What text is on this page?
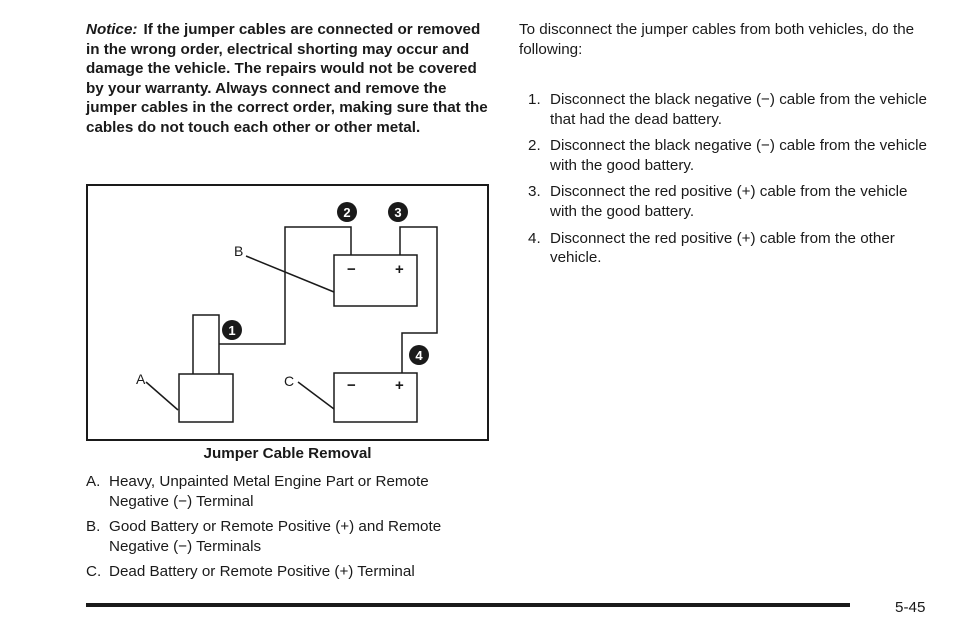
Notice: If the jumper cables are connected or removed in the wrong order, electrical shorting may occur and damage the vehicle. The repairs would not be covered by your warranty. Always connect and remove the jumper cables in the correct order, making sure that the cables do not touch each other or other metal.

A
B
C
−	+
−	+
1
2	3
4
Jumper Cable Removal
A. Heavy, Unpainted Metal Engine Part or Remote Negative (−) Terminal
B. Good Battery or Remote Positive (+) and Remote Negative (−) Terminals
C. Dead Battery or Remote Positive (+) Terminal

To disconnect the jumper cables from both vehicles, do the following:

1. Disconnect the black negative (−) cable from the vehicle that had the dead battery.
2. Disconnect the black negative (−) cable from the vehicle with the good battery.
3. Disconnect the red positive (+) cable from the vehicle with the good battery.
4. Disconnect the red positive (+) cable from the other vehicle.
5-45
